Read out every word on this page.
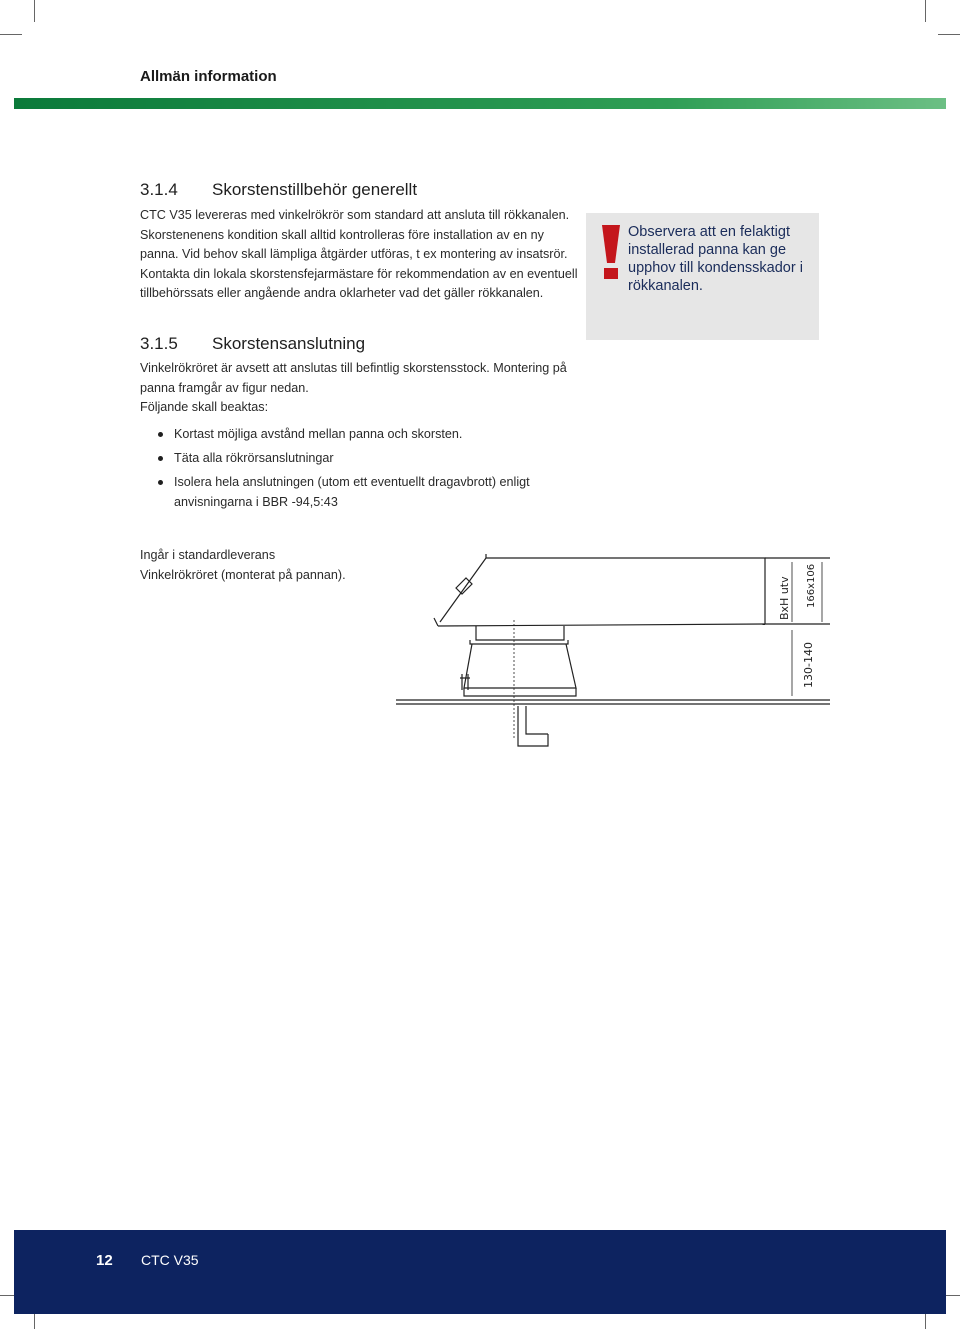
Allmän information
3.1.4 Skorstenstillbehör generellt

CTC V35 levereras med vinkelrökrör som standard att ansluta till rökkanalen. Skorstenenens kondition skall alltid kontrolleras före installation av en ny panna. Vid behov skall lämpliga åtgärder utföras, t ex montering av insatsrör. Kontakta din lokala skorstensfejarmästare för rekommendation av en eventuell tillbehörssats eller angående andra oklarheter vad det gäller rökkanalen.

Observera att en felaktigt installerad panna kan ge upphov till kondensskador i rökkanalen.
3.1.5 Skorstensanslutning

Vinkelrökröret är avsett att anslutas till befintlig skorstensstock. Montering på panna framgår av figur nedan.

Följande skall beaktas:

Kortast möjliga avstånd mellan panna och skorsten.
Täta alla rökrörsanslutningar
Isolera hela anslutningen (utom ett eventuellt dragavbrott) enligt anvisningarna i BBR -94,5:43
Ingår i standardleverans
Vinkelrökröret (monterat på pannan).
BxH utv 166x106
130-140
12 CTC V35
